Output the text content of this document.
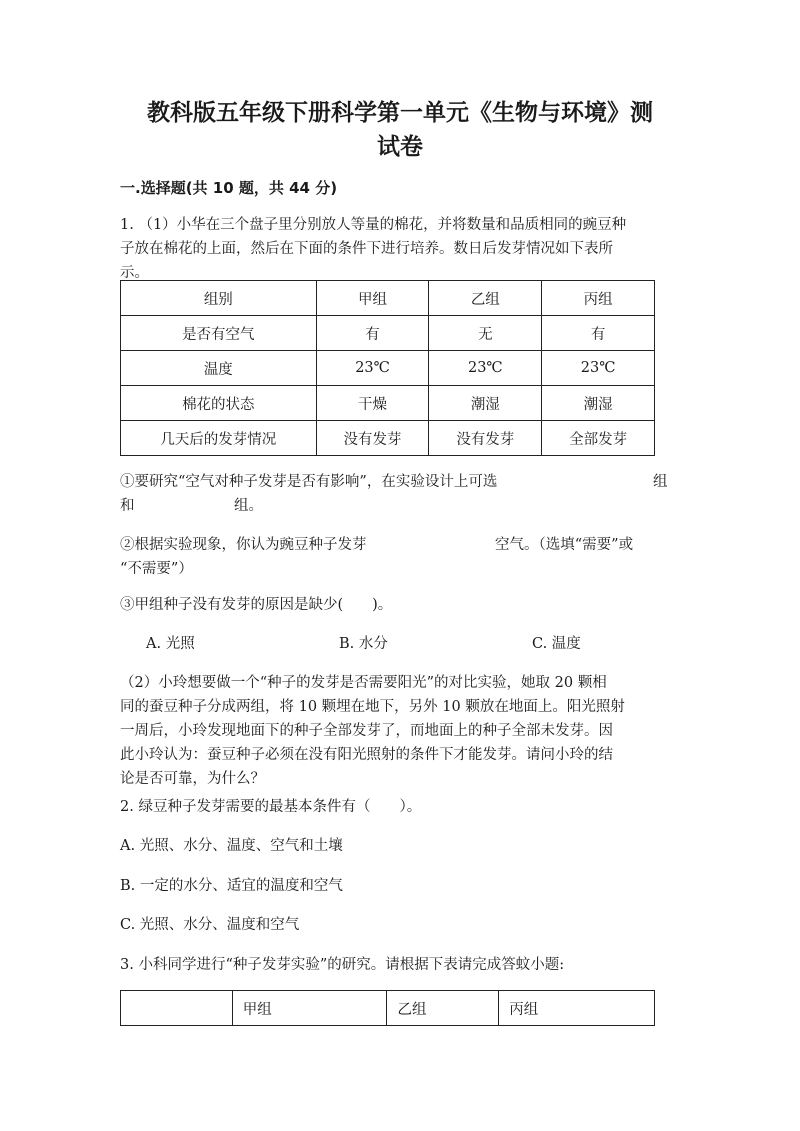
教科版五年级下册科学第一单元《生物与环境》测
试卷
一.选择题(共 10 题，共 44 分)
1. （1）小华在三个盘子里分别放人等量的棉花，并将数量和品质相同的豌豆种
子放在棉花的上面，然后在下面的条件下进行培养。数日后发芽情况如下表所
示。
组别	甲组	乙组	丙组
是否有空气	有	无	有
温度	23℃	23℃	23℃
棉花的状态	干燥	潮湿	潮湿
几天后的发芽情况	没有发芽	没有发芽	全部发芽
①要研究“空气对种子发芽是否有影响”，在实验设计上可选	组
和	组。
②根据实验现象，你认为豌豆种子发芽	空气。（选填“需要”或
“不需要”）
③甲组种子没有发芽的原因是缺少(　　)。
A. 光照	B. 水分	C. 温度
（2）小玲想要做一个“种子的发芽是否需要阳光”的对比实验，她取 20 颗相
同的蚕豆种子分成两组，将 10 颗埋在地下，另外 10 颗放在地面上。阳光照射
一周后，小玲发现地面下的种子全部发芽了，而地面上的种子全部未发芽。因
此小玲认为：蚕豆种子必须在没有阳光照射的条件下才能发芽。请问小玲的结
论是否可靠，为什么？
2. 绿豆种子发芽需要的最基本条件有（　　）。
A. 光照、水分、温度、空气和土壤
B. 一定的水分、适宜的温度和空气
C. 光照、水分、温度和空气
3. 小科同学进行“种子发芽实验”的研究。请根据下表请完成答蚊小题:
	甲组	乙组	丙组
